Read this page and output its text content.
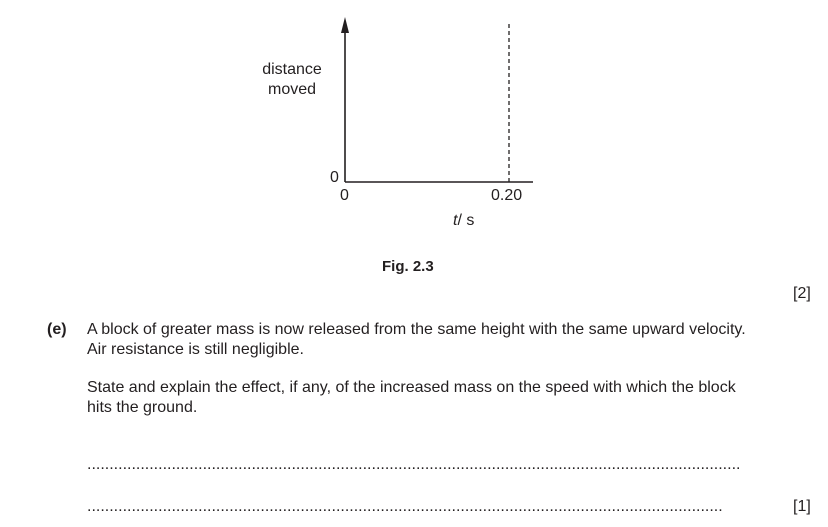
distance
moved
0
0	0.20
t/ s
Fig. 2.3
[2]
(e) A block of greater mass is now released from the same height with the same upward velocity.
Air resistance is still negligible.
State and explain the effect, if any, of the increased mass on the speed with which the block
hits the ground.
...................................................................................................................................................
...............................................................................................................................................	[1]
